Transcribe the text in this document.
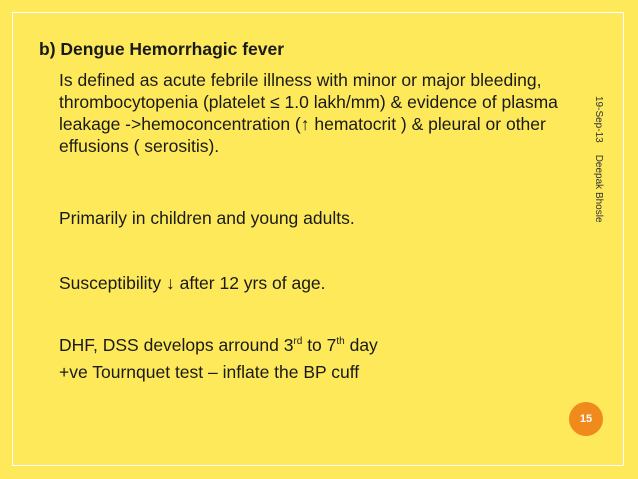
b) Dengue Hemorrhagic fever
Is defined as acute febrile illness with minor or major bleeding, thrombocytopenia (platelet ≤ 1.0 lakh/mm) & evidence of plasma leakage ->hemoconcentration (↑ hematocrit ) & pleural or other effusions ( serositis).
Primarily in children and young adults.
Susceptibility ↓ after 12 yrs of age.
DHF, DSS develops arround 3rd to 7th day
+ve Tournquet test – inflate the BP cuff
19-Sep-13Deepak Bhosle
15
